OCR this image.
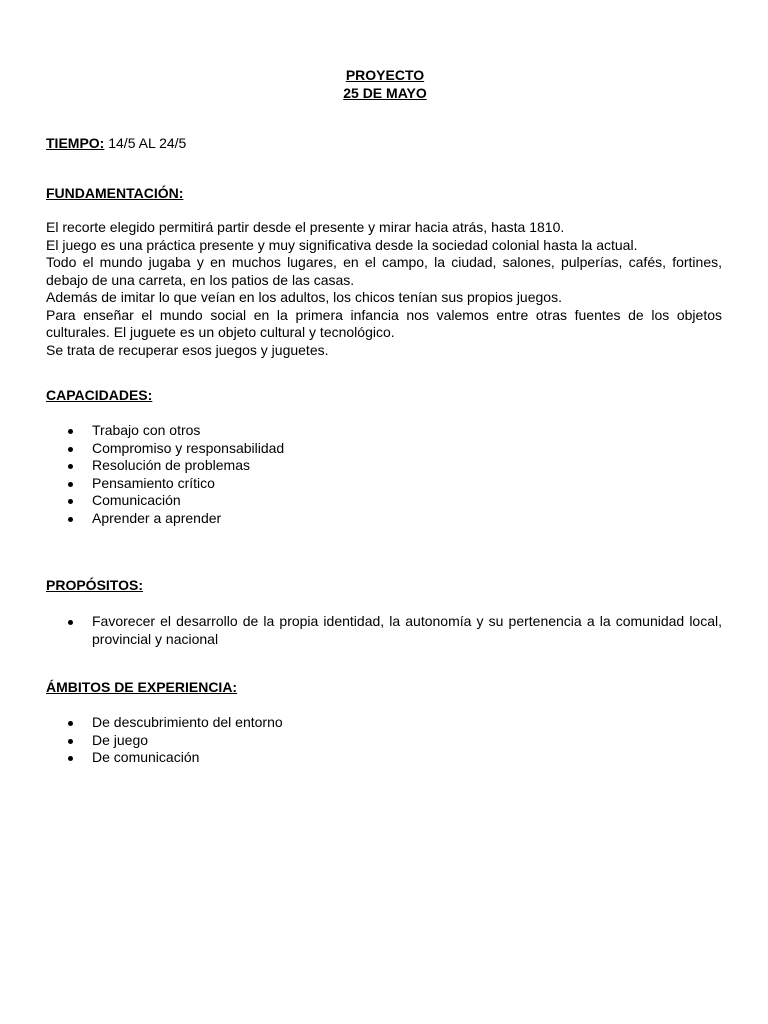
PROYECTO
25 DE MAYO
TIEMPO: 14/5 AL 24/5
FUNDAMENTACIÓN:

El recorte elegido permitirá partir desde el presente y mirar hacia atrás, hasta 1810.

El juego es una práctica presente y muy significativa desde la sociedad colonial hasta la actual.

Todo el mundo jugaba y en muchos lugares, en el campo, la ciudad, salones, pulperías, cafés, fortines, debajo de una carreta, en los patios de las casas.

Además de imitar lo que veían en los adultos, los chicos tenían sus propios juegos.

Para enseñar el mundo social en la primera infancia nos valemos entre otras fuentes de los objetos culturales. El juguete es un objeto cultural y tecnológico.

Se trata de recuperar esos juegos y juguetes.

CAPACIDADES:
Trabajo con otros
Compromiso y responsabilidad
Resolución de problemas
Pensamiento crítico
Comunicación
Aprender a aprender
PROPÓSITOS:
Favorecer el desarrollo de la propia identidad, la autonomía y su pertenencia a la comunidad local, provincial y nacional
ÁMBITOS DE EXPERIENCIA:
De descubrimiento del entorno
De juego
De comunicación
